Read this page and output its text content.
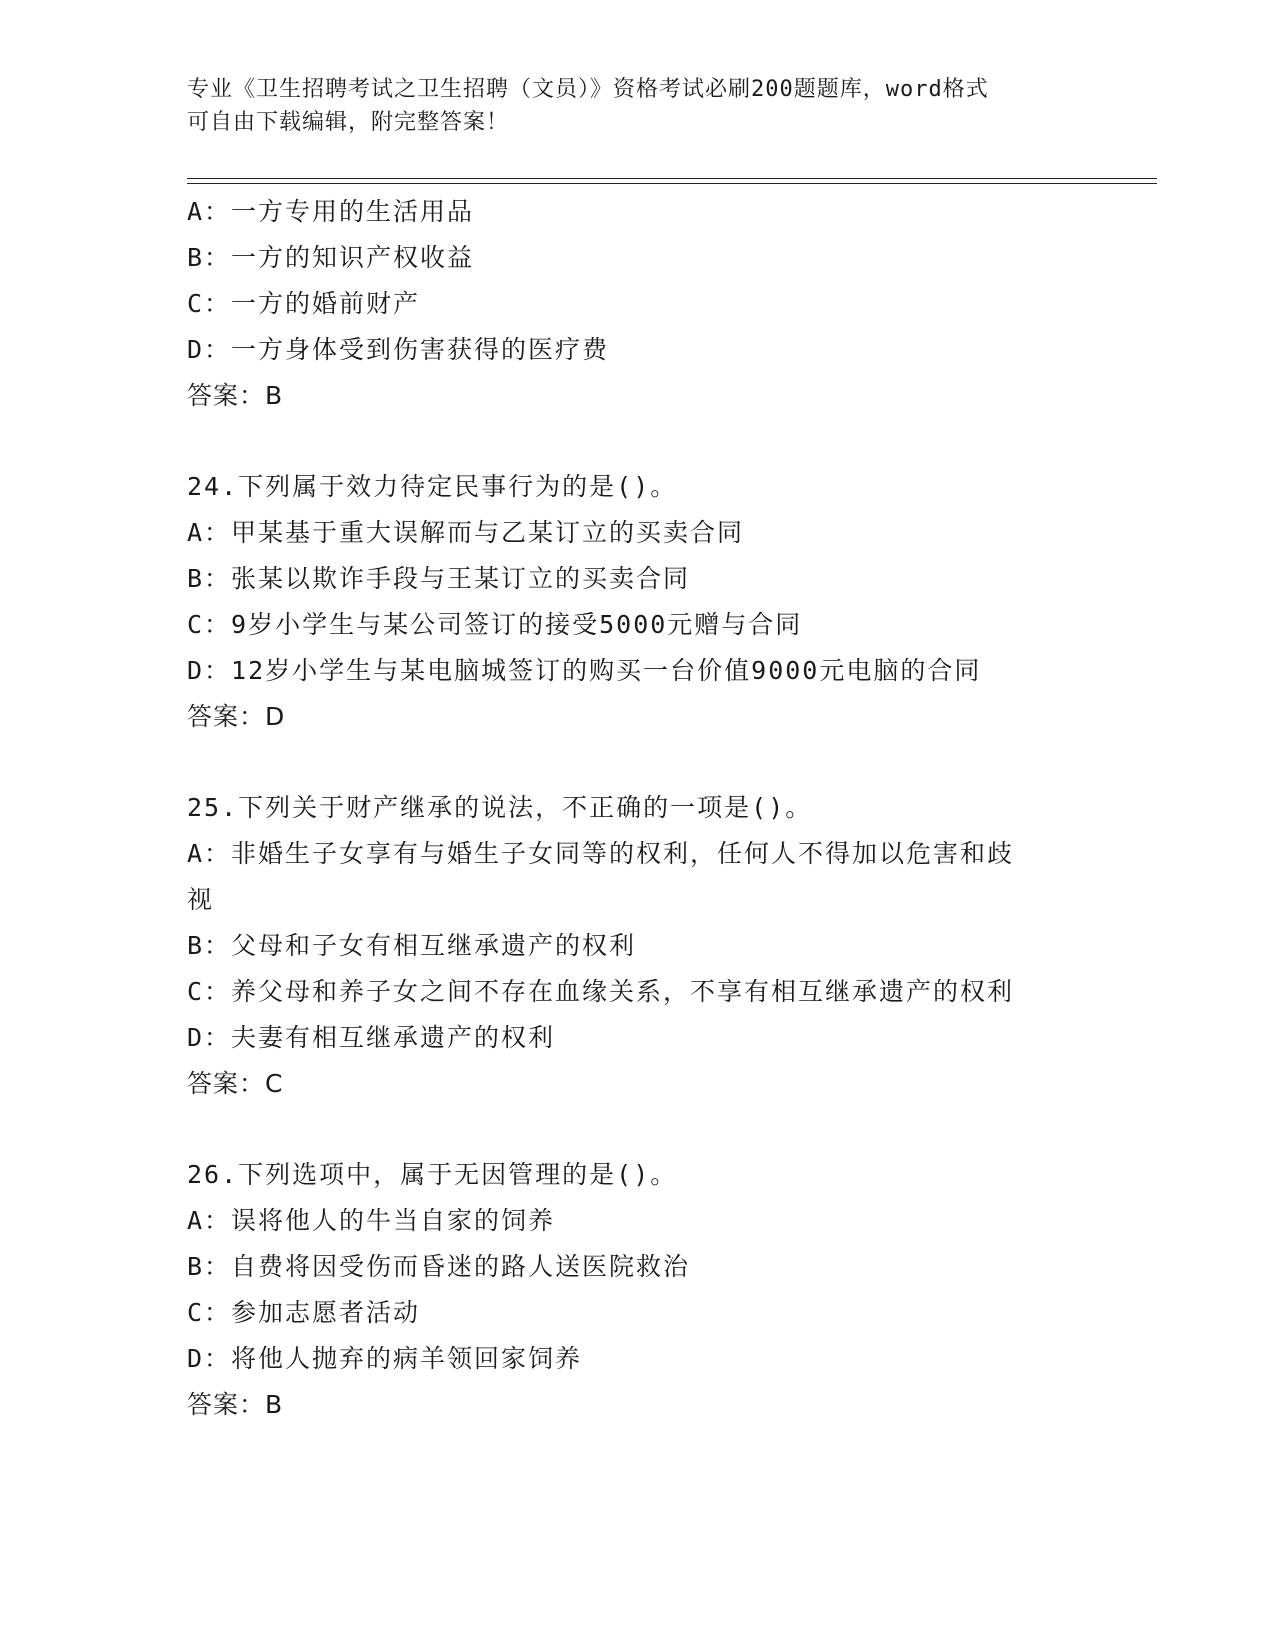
专业《卫生招聘考试之卫生招聘（文员）》资格考试必刷200题题库，word格式
可自由下载编辑，附完整答案！
A：一方专用的生活用品
B：一方的知识产权收益
C：一方的婚前财产
D：一方身体受到伤害获得的医疗费
答案：B
24.下列属于效力待定民事行为的是()。
A：甲某基于重大误解而与乙某订立的买卖合同
B：张某以欺诈手段与王某订立的买卖合同
C：9岁小学生与某公司签订的接受5000元赠与合同
D：12岁小学生与某电脑城签订的购买一台价值9000元电脑的合同
答案：D
25.下列关于财产继承的说法，不正确的一项是()。
A：非婚生子女享有与婚生子女同等的权利，任何人不得加以危害和歧
视
B：父母和子女有相互继承遗产的权利
C：养父母和养子女之间不存在血缘关系，不享有相互继承遗产的权利
D：夫妻有相互继承遗产的权利
答案：C
26.下列选项中，属于无因管理的是()。
A：误将他人的牛当自家的饲养
B：自费将因受伤而昏迷的路人送医院救治
C：参加志愿者活动
D：将他人抛弃的病羊领回家饲养
答案：B
